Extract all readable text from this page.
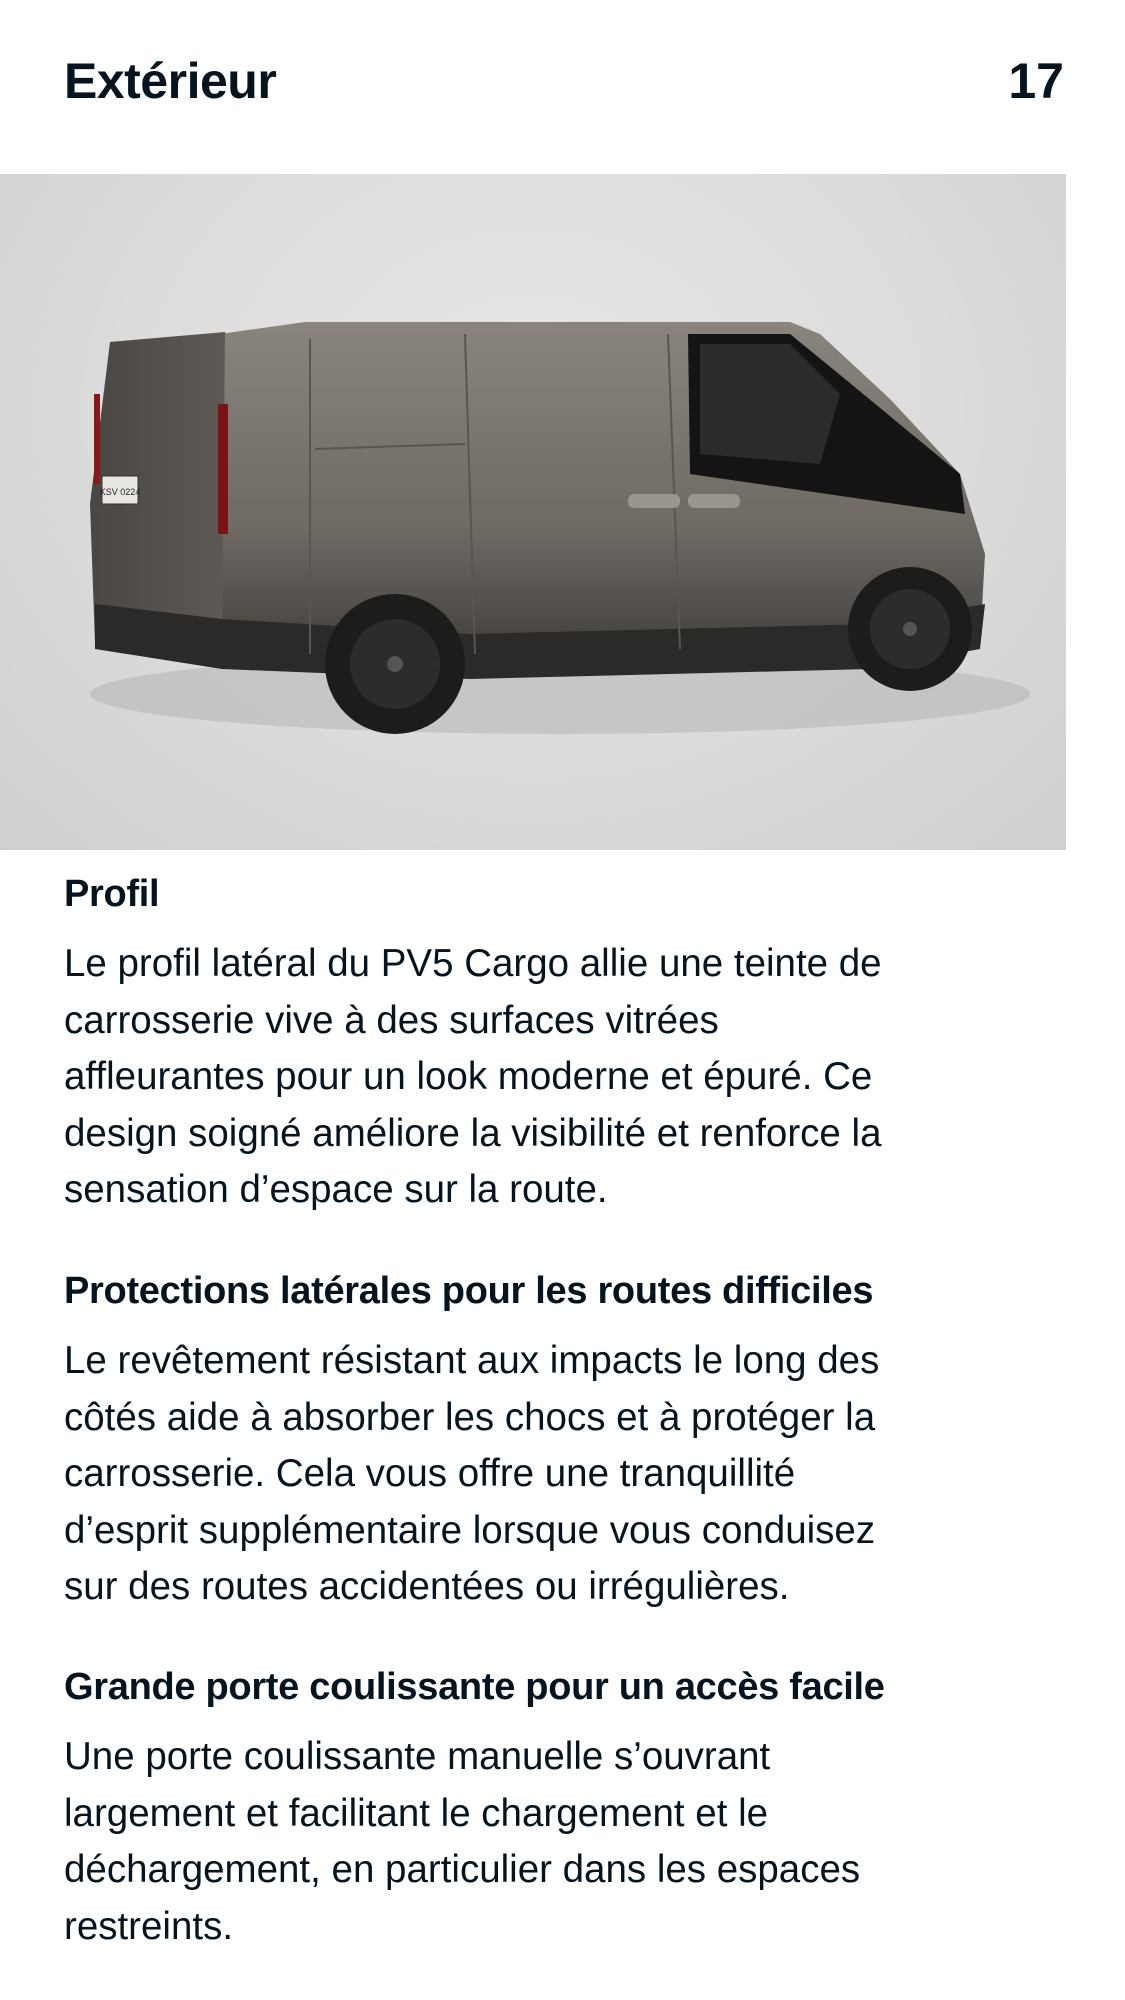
Extérieur	17
KSV 0224
Profil

Le profil latéral du PV5 Cargo allie une teinte de
carrosserie vive à des surfaces vitrées
affleurantes pour un look moderne et épuré. Ce
design soigné améliore la visibilité et renforce la
sensation d’espace sur la route.

Protections latérales pour les routes difficiles

Le revêtement résistant aux impacts le long des
côtés aide à absorber les chocs et à protéger la
carrosserie. Cela vous offre une tranquillité
d’esprit supplémentaire lorsque vous conduisez
sur des routes accidentées ou irrégulières.

Grande porte coulissante pour un accès facile

Une porte coulissante manuelle s’ouvrant
largement et facilitant le chargement et le
déchargement, en particulier dans les espaces
restreints.
